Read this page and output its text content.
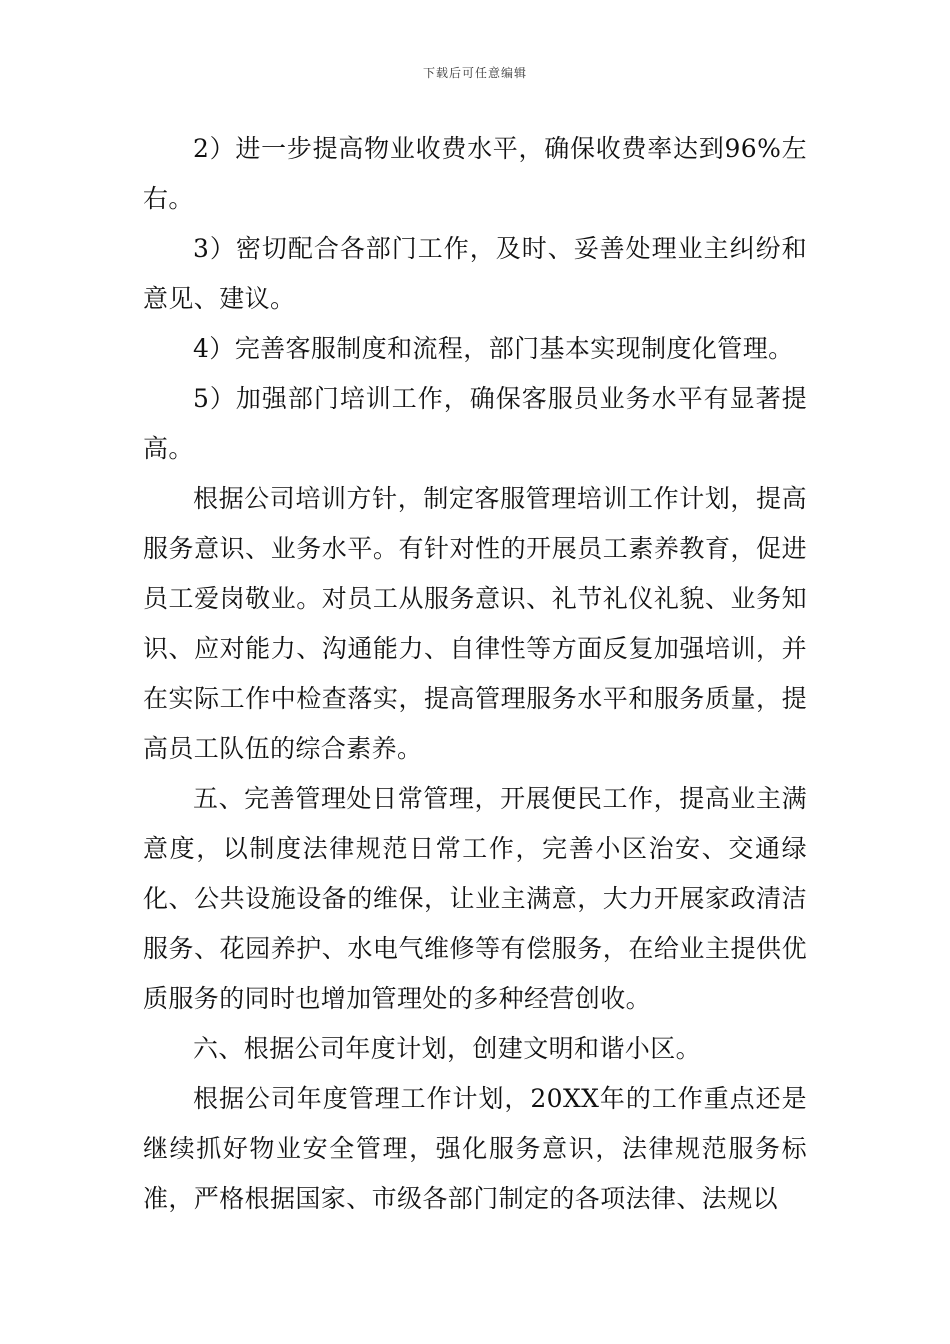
下载后可任意编辑

2）进一步提高物业收费水平，确保收费率达到96%左右。

3）密切配合各部门工作，及时、妥善处理业主纠纷和意见、建议。

4）完善客服制度和流程，部门基本实现制度化管理。

5）加强部门培训工作，确保客服员业务水平有显著提高。

根据公司培训方针，制定客服管理培训工作计划，提高服务意识、业务水平。有针对性的开展员工素养教育，促进员工爱岗敬业。对员工从服务意识、礼节礼仪礼貌、业务知识、应对能力、沟通能力、自律性等方面反复加强培训，并在实际工作中检查落实，提高管理服务水平和服务质量，提高员工队伍的综合素养。

五、完善管理处日常管理，开展便民工作，提高业主满意度，以制度法律规范日常工作，完善小区治安、交通绿化、公共设施设备的维保，让业主满意，大力开展家政清洁服务、花园养护、水电气维修等有偿服务，在给业主提供优质服务的同时也增加管理处的多种经营创收。

六、根据公司年度计划，创建文明和谐小区。

根据公司年度管理工作计划，20XX年的工作重点还是继续抓好物业安全管理，强化服务意识，法律规范服务标准，严格根据国家、市级各部门制定的各项法律、法规以
